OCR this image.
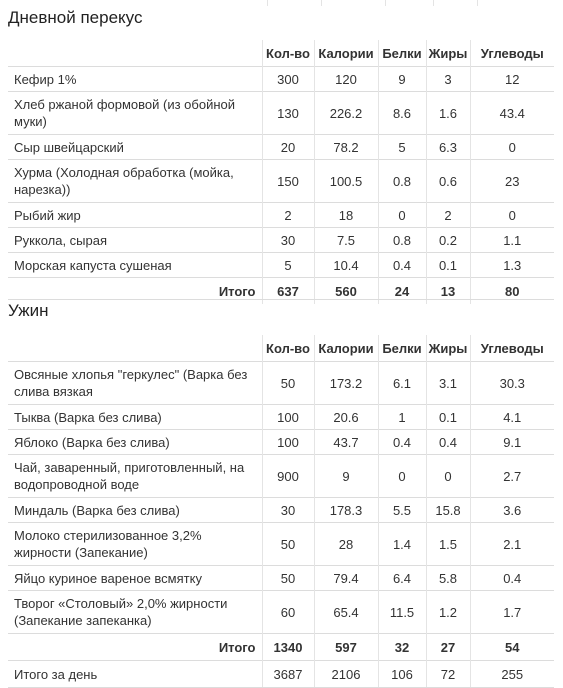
Дневной перекус
	Кол-во	Калории	Белки	Жиры	Углеводы
Кефир 1%	300	120	9	3	12
Хлеб ржаной формовой (из обойной муки)	130	226.2	8.6	1.6	43.4
Сыр швейцарский	20	78.2	5	6.3	0
Хурма (Холодная обработка (мойка, нарезка))	150	100.5	0.8	0.6	23
Рыбий жир	2	18	0	2	0
Руккола, сырая	30	7.5	0.8	0.2	1.1
Морская капуста сушеная	5	10.4	0.4	0.1	1.3
Итого	637	560	24	13	80
Ужин
	Кол-во	Калории	Белки	Жиры	Углеводы
Овсяные хлопья "геркулес" (Варка без слива вязкая	50	173.2	6.1	3.1	30.3
Тыква (Варка без слива)	100	20.6	1	0.1	4.1
Яблоко (Варка без слива)	100	43.7	0.4	0.4	9.1
Чай, заваренный, приготовленный, на водопроводной воде	900	9	0	0	2.7
Миндаль (Варка без слива)	30	178.3	5.5	15.8	3.6
Молоко стерилизованное 3,2% жирности (Запекание)	50	28	1.4	1.5	2.1
Яйцо куриное вареное всмятку	50	79.4	6.4	5.8	0.4
Творог «Столовый» 2,0% жирности (Запекание запеканка)	60	65.4	11.5	1.2	1.7
Итого	1340	597	32	27	54
Итого за день	3687	2106	106	72	255
